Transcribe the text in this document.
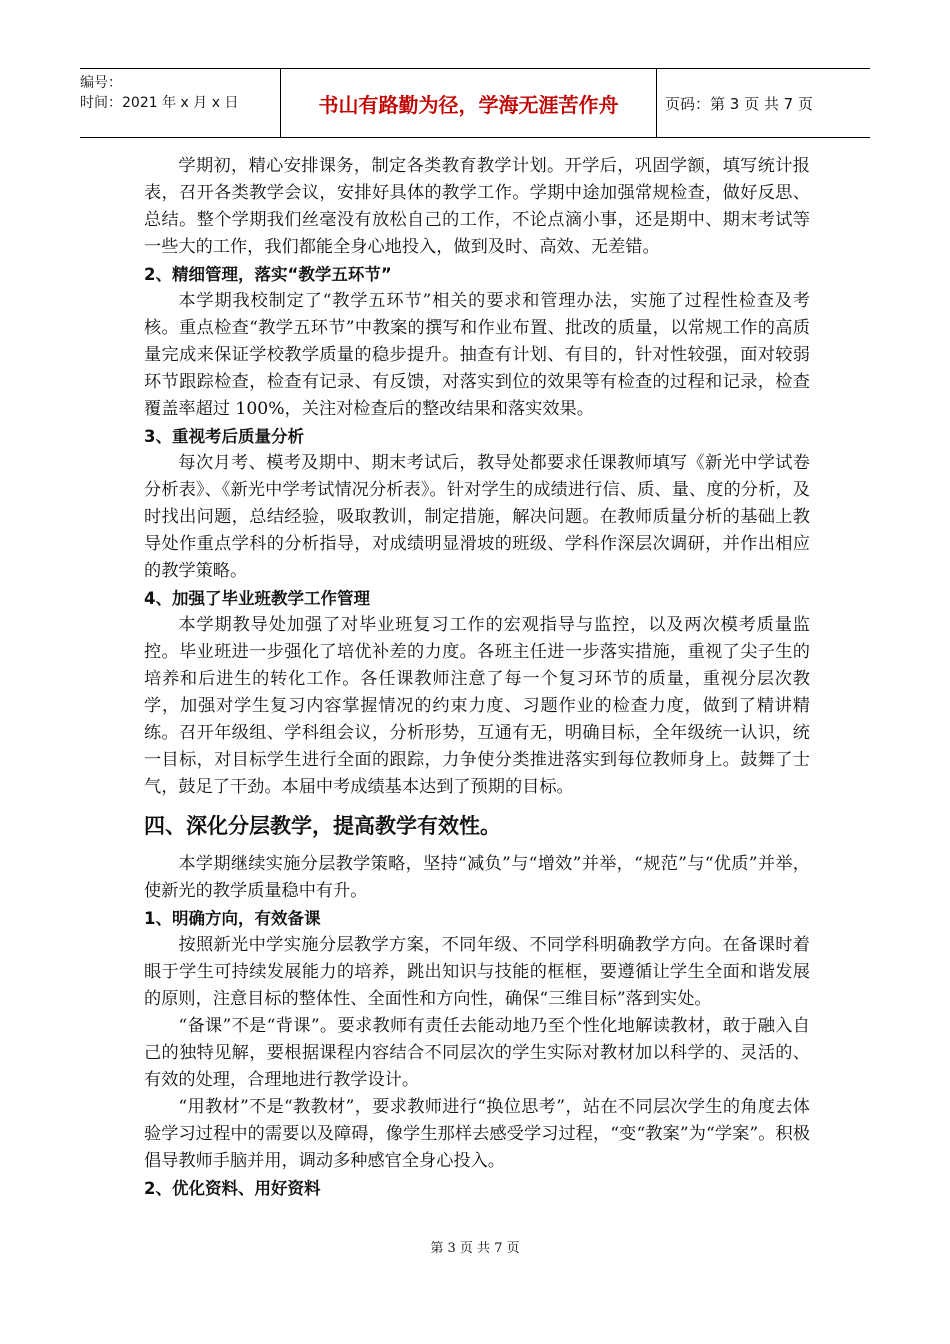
编号：
时间：2021 年 x 月 x 日	书山有路勤为径，学海无涯苦作舟	页码：第 3 页 共 7 页

学期初，精心安排课务，制定各类教育教学计划。开学后，巩固学额，填写统计报表，召开各类教学会议，安排好具体的教学工作。学期中途加强常规检查，做好反思、总结。整个学期我们丝毫没有放松自己的工作，不论点滴小事，还是期中、期末考试等一些大的工作，我们都能全身心地投入，做到及时、高效、无差错。

2、精细管理，落实“教学五环节”

本学期我校制定了“教学五环节”相关的要求和管理办法，实施了过程性检查及考核。重点检查“教学五环节”中教案的撰写和作业布置、批改的质量，以常规工作的高质量完成来保证学校教学质量的稳步提升。抽查有计划、有目的，针对性较强，面对较弱环节跟踪检查，检查有记录、有反馈，对落实到位的效果等有检查的过程和记录，检查覆盖率超过 100%，关注对检查后的整改结果和落实效果。

3、重视考后质量分析

每次月考、模考及期中、期末考试后，教导处都要求任课教师填写《新光中学试卷分析表》、《新光中学考试情况分析表》。针对学生的成绩进行信、质、量、度的分析，及时找出问题，总结经验，吸取教训，制定措施，解决问题。在教师质量分析的基础上教导处作重点学科的分析指导，对成绩明显滑坡的班级、学科作深层次调研，并作出相应的教学策略。

4、加强了毕业班教学工作管理

本学期教导处加强了对毕业班复习工作的宏观指导与监控，以及两次模考质量监控。毕业班进一步强化了培优补差的力度。各班主任进一步落实措施，重视了尖子生的培养和后进生的转化工作。各任课教师注意了每一个复习环节的质量，重视分层次教学，加强对学生复习内容掌握情况的约束力度、习题作业的检查力度，做到了精讲精练。召开年级组、学科组会议，分析形势，互通有无，明确目标，全年级统一认识，统一目标，对目标学生进行全面的跟踪，力争使分类推进落实到每位教师身上。鼓舞了士气，鼓足了干劲。本届中考成绩基本达到了预期的目标。

四、深化分层教学，提高教学有效性。

本学期继续实施分层教学策略，坚持“减负”与“增效”并举，“规范”与“优质”并举，使新光的教学质量稳中有升。

1、明确方向，有效备课

按照新光中学实施分层教学方案，不同年级、不同学科明确教学方向。在备课时着眼于学生可持续发展能力的培养，跳出知识与技能的框框，要遵循让学生全面和谐发展的原则，注意目标的整体性、全面性和方向性，确保“三维目标”落到实处。

“备课”不是“背课”。要求教师有责任去能动地乃至个性化地解读教材，敢于融入自己的独特见解，要根据课程内容结合不同层次的学生实际对教材加以科学的、灵活的、有效的处理，合理地进行教学设计。

“用教材”不是“教教材”，要求教师进行“换位思考”，站在不同层次学生的角度去体验学习过程中的需要以及障碍，像学生那样去感受学习过程，“变“教案”为“学案”。积极倡导教师手脑并用，调动多种感官全身心投入。

2、优化资料、用好资料
第 3 页 共 7 页
